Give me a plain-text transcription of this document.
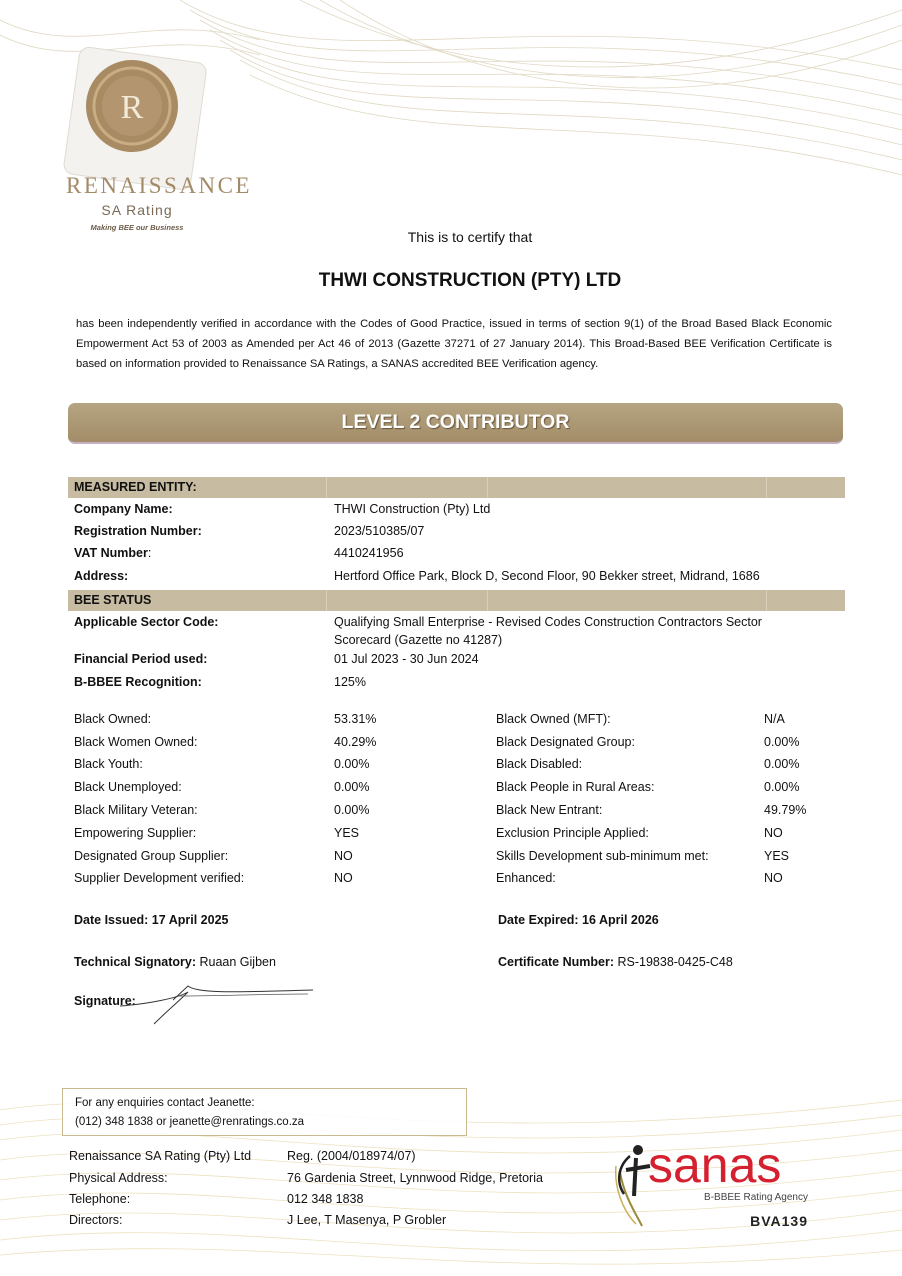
R
RENAISSANCE
SA Rating
Making BEE our Business
This is to certify that
THWI CONSTRUCTION (PTY) LTD
has been independently verified in accordance with the Codes of Good Practice, issued in terms of section 9(1) of the Broad Based Black Economic Empowerment Act 53 of 2003 as Amended per Act 46 of 2013 (Gazette 37271 of 27 January 2014). This Broad-Based BEE Verification Certificate is based on information provided to Renaissance SA Ratings, a SANAS accredited BEE Verification agency.
LEVEL 2 CONTRIBUTOR
MEASURED ENTITY:
Company Name:	THWI Construction (Pty) Ltd
Registration Number:	2023/510385/07
VAT Number:	4410241956
Address:	Hertford Office Park, Block D, Second Floor, 90 Bekker street, Midrand, 1686
BEE STATUS
Applicable Sector Code:	Qualifying Small Enterprise - Revised Codes Construction Contractors Sector
Scorecard (Gazette no 41287)
Financial Period used:	01 Jul 2023 - 30 Jun 2024
B-BBEE Recognition:	125%
Black Owned:	53.31%	Black Owned (MFT):	N/A
Black Women Owned:	40.29%	Black Designated Group:	0.00%
Black Youth:	0.00%	Black Disabled:	0.00%
Black Unemployed:	0.00%	Black People in Rural Areas:	0.00%
Black Military Veteran:	0.00%	Black New Entrant:	49.79%
Empowering Supplier:	YES	Exclusion Principle Applied:	NO
Designated Group Supplier:	NO	Skills Development sub-minimum met:	YES
Supplier Development verified:	NO	Enhanced:	NO
Date Issued: 17 April 2025	Date Expired: 16 April 2026
Technical Signatory: Ruaan Gijben	Certificate Number: RS-19838-0425-C48
Signature:
For any enquiries contact Jeanette:
(012) 348 1838 or jeanette@renratings.co.za
Renaissance SA Rating (Pty) Ltd	Reg. (2004/018974/07)
Physical Address:	76 Gardenia Street, Lynnwood Ridge, Pretoria
Telephone:	012 348 1838
Directors:	J Lee, T Masenya, P Grobler
sanas
B-BBEE Rating Agency
BVA139
